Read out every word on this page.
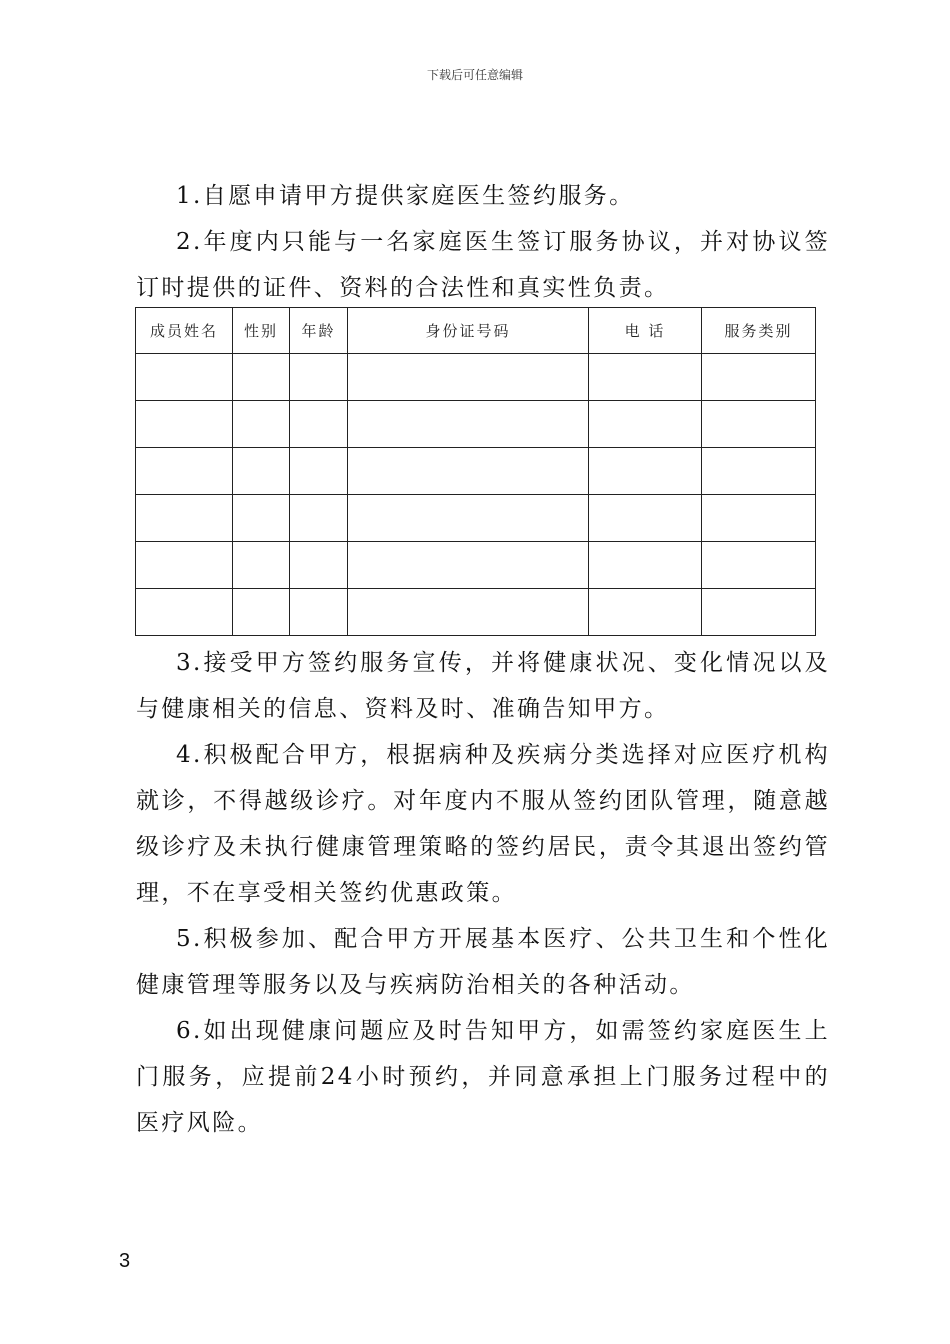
下载后可任意编辑

1.自愿申请甲方提供家庭医生签约服务。

2.年度内只能与一名家庭医生签订服务协议，并对协议签订时提供的证件、资料的合法性和真实性负责。

成员姓名	性别	年龄	身份证号码	电 话	服务类别

3.接受甲方签约服务宣传，并将健康状况、变化情况以及与健康相关的信息、资料及时、准确告知甲方。

4.积极配合甲方，根据病种及疾病分类选择对应医疗机构就诊，不得越级诊疗。对年度内不服从签约团队管理，随意越级诊疗及未执行健康管理策略的签约居民，责令其退出签约管理，不在享受相关签约优惠政策。

5.积极参加、配合甲方开展基本医疗、公共卫生和个性化健康管理等服务以及与疾病防治相关的各种活动。

6.如出现健康问题应及时告知甲方，如需签约家庭医生上门服务，应提前24小时预约，并同意承担上门服务过程中的医疗风险。

3
